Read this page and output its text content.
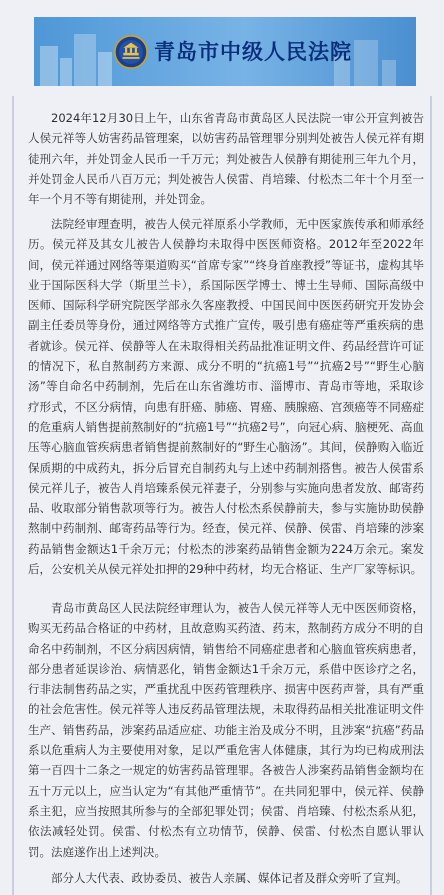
青岛市中级人民法院

2024年12月30日上午，山东省青岛市黄岛区人民法院一审公开宣判被告人侯元祥等人妨害药品管理案，以妨害药品管理罪分别判处被告人侯元祥有期徒刑六年，并处罚金人民币一千万元；判处被告人侯静有期徒刑三年九个月，并处罚金人民币八百万元；判处被告人侯雷、肖培臻、付松杰二年十个月至一年一个月不等有期徒刑，并处罚金。

法院经审理查明，被告人侯元祥原系小学教师，无中医家族传承和师承经历。侯元祥及其女儿被告人侯静均未取得中医医师资格。2012年至2022年间，侯元祥通过网络等渠道购买“首席专家”“终身首座教授”等证书，虚构其毕业于国际医科大学（斯里兰卡），系国际医学博士、博士生导师、国际高级中医师、国际科学研究院医学部永久客座教授、中国民间中医医药研究开发协会副主任委员等身份，通过网络等方式推广宣传，吸引患有癌症等严重疾病的患者就诊。侯元祥、侯静等人在未取得相关药品批准证明文件、药品经营许可证的情况下，私自熬制药方来源、成分不明的“抗癌1号”“抗癌2号”“野生心脑汤”等自命名中药制剂，先后在山东省潍坊市、淄博市、青岛市等地，采取诊疗形式，不区分病情，向患有肝癌、肺癌、胃癌、胰腺癌、宫颈癌等不同癌症的危重病人销售提前熬制好的“抗癌1号”“抗癌2号”，向冠心病、脑梗死、高血压等心脑血管疾病患者销售提前熬制好的“野生心脑汤”。其间，侯静购入临近保质期的中成药丸，拆分后冒充自制药丸与上述中药制剂搭售。被告人侯雷系侯元祥儿子，被告人肖培臻系侯元祥妻子，分别参与实施向患者发放、邮寄药品、收取部分销售款项等行为。被告人付松杰系侯静前夫，参与实施协助侯静熬制中药制剂、邮寄药品等行为。经查，侯元祥、侯静、侯雷、肖培臻的涉案药品销售金额达1千余万元；付松杰的涉案药品销售金额为224万余元。案发后，公安机关从侯元祥处扣押的29种中药材，均无合格证、生产厂家等标识。

青岛市黄岛区人民法院经审理认为，被告人侯元祥等人无中医医师资格，购买无药品合格证的中药材，且故意购买药渣、药末，熬制药方成分不明的自命名中药制剂，不区分病因病情，销售给不同癌症患者和心脑血管疾病患者，部分患者延误诊治、病情恶化，销售金额达1千余万元，系借中医诊疗之名，行非法制售药品之实，严重扰乱中医药管理秩序、损害中医药声誉，具有严重的社会危害性。侯元祥等人违反药品管理法规，未取得药品相关批准证明文件生产、销售药品，涉案药品适应症、功能主治及成分不明，且涉案“抗癌”药品系以危重病人为主要使用对象，足以严重危害人体健康，其行为均已构成刑法第一百四十二条之一规定的妨害药品管理罪。各被告人涉案药品销售金额均在五十万元以上，应当认定为“有其他严重情节”。在共同犯罪中，侯元祥、侯静系主犯，应当按照其所参与的全部犯罪处罚；侯雷、肖培臻、付松杰系从犯，依法减轻处罚。侯雷、付松杰有立功情节，侯静、侯雷、付松杰自愿认罪认罚。法庭遂作出上述判决。

部分人大代表、政协委员、被告人亲属、媒体记者及群众旁听了宣判。
